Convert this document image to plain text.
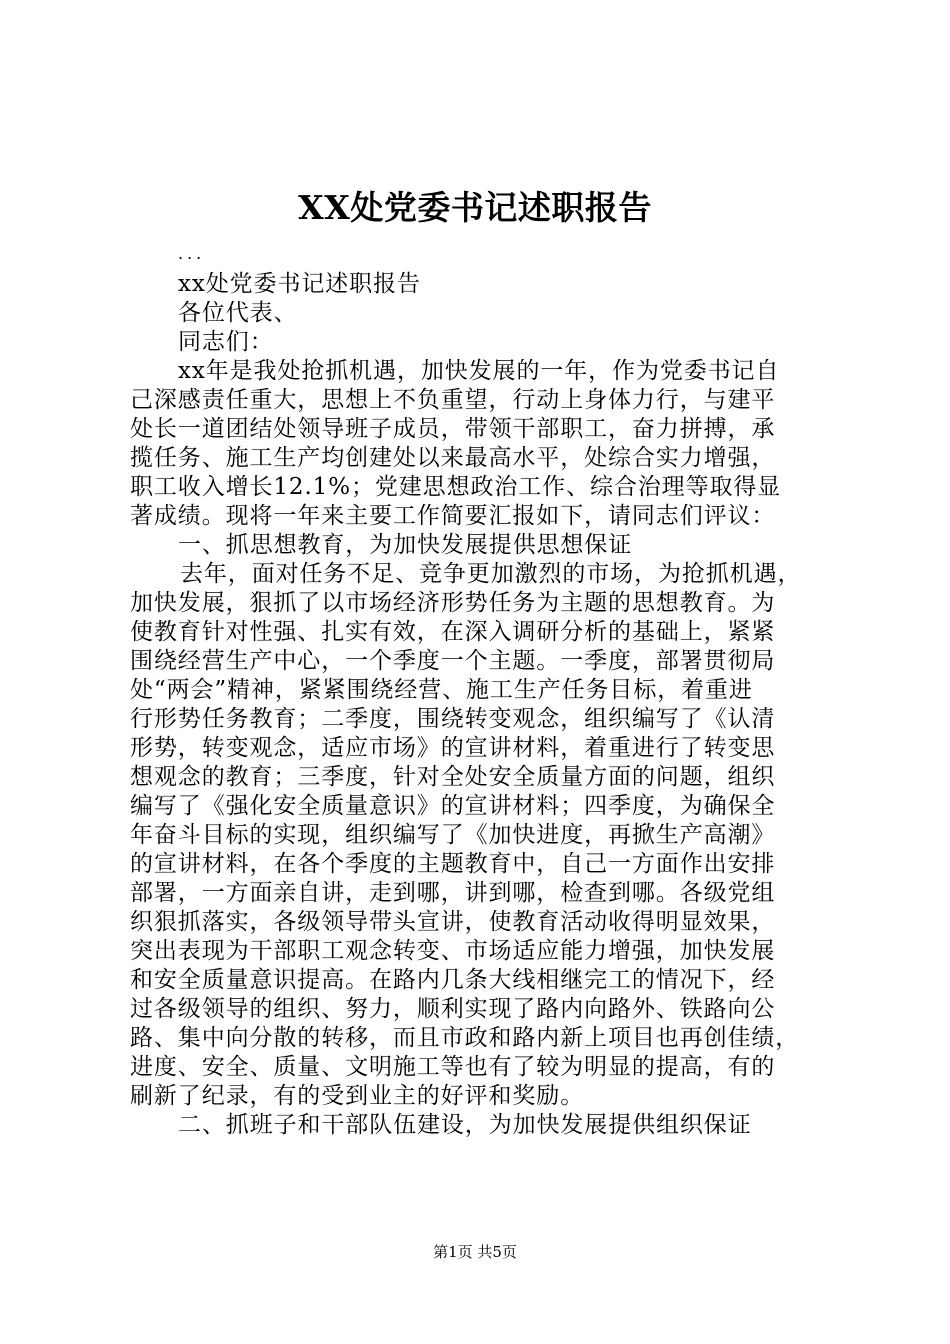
XX处党委书记述职报告
...
xx处党委书记述职报告
各位代表、
同志们：
xx年是我处抢抓机遇，加快发展的一年，作为党委书记自
己深感责任重大，思想上不负重望，行动上身体力行，与建平
处长一道团结处领导班子成员，带领干部职工，奋力拼搏，承
揽任务、施工生产均创建处以来最高水平，处综合实力增强，
职工收入增长12.1%；党建思想政治工作、综合治理等取得显
著成绩。现将一年来主要工作简要汇报如下，请同志们评议：
一、抓思想教育，为加快发展提供思想保证
去年，面对任务不足、竞争更加激烈的市场，为抢抓机遇，
加快发展，狠抓了以市场经济形势任务为主题的思想教育。为
使教育针对性强、扎实有效，在深入调研分析的基础上，紧紧
围绕经营生产中心，一个季度一个主题。一季度，部署贯彻局
处“两会”精神，紧紧围绕经营、施工生产任务目标，着重进
行形势任务教育；二季度，围绕转变观念，组织编写了《认清
形势，转变观念，适应市场》的宣讲材料，着重进行了转变思
想观念的教育；三季度，针对全处安全质量方面的问题，组织
编写了《强化安全质量意识》的宣讲材料；四季度，为确保全
年奋斗目标的实现，组织编写了《加快进度，再掀生产高潮》
的宣讲材料，在各个季度的主题教育中，自己一方面作出安排
部署，一方面亲自讲，走到哪，讲到哪，检查到哪。各级党组
织狠抓落实，各级领导带头宣讲，使教育活动收得明显效果，
突出表现为干部职工观念转变、市场适应能力增强，加快发展
和安全质量意识提高。在路内几条大线相继完工的情况下，经
过各级领导的组织、努力，顺利实现了路内向路外、铁路向公
路、集中向分散的转移，而且市政和路内新上项目也再创佳绩，
进度、安全、质量、文明施工等也有了较为明显的提高，有的
刷新了纪录，有的受到业主的好评和奖励。
二、抓班子和干部队伍建设，为加快发展提供组织保证
第1页 共5页
